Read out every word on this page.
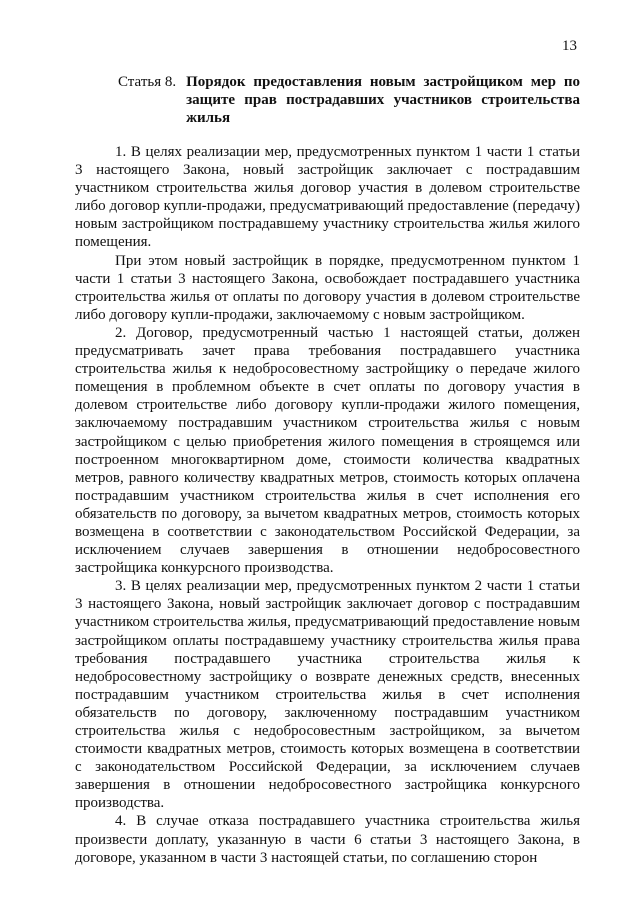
13
Статья 8. Порядок предоставления новым застройщиком мер по защите прав пострадавших участников строительства жилья

1. В целях реализации мер, предусмотренных пунктом 1 части 1 статьи 3 настоящего Закона, новый застройщик заключает с пострадавшим участником строительства жилья договор участия в долевом строительстве либо договор купли-продажи, предусматривающий предоставление (передачу) новым застройщиком пострадавшему участнику строительства жилья жилого помещения.

При этом новый застройщик в порядке, предусмотренном пунктом 1 части 1 статьи 3 настоящего Закона, освобождает пострадавшего участника строительства жилья от оплаты по договору участия в долевом строительстве либо договору купли-продажи, заключаемому с новым застройщиком.

2. Договор, предусмотренный частью 1 настоящей статьи, должен предусматривать зачет права требования пострадавшего участника строительства жилья к недобросовестному застройщику о передаче жилого помещения в проблемном объекте в счет оплаты по договору участия в долевом строительстве либо договору купли-продажи жилого помещения, заключаемому пострадавшим участником строительства жилья с новым застройщиком с целью приобретения жилого помещения в строящемся или построенном многоквартирном доме, стоимости количества квадратных метров, равного количеству квадратных метров, стоимость которых оплачена пострадавшим участником строительства жилья в счет исполнения его обязательств по договору, за вычетом квадратных метров, стоимость которых возмещена в соответствии с законодательством Российской Федерации, за исключением случаев завершения в отношении недобросовестного застройщика конкурсного производства.

3. В целях реализации мер, предусмотренных пунктом 2 части 1 статьи 3 настоящего Закона, новый застройщик заключает договор с пострадавшим участником строительства жилья, предусматривающий предоставление новым застройщиком оплаты пострадавшему участнику строительства жилья права требования пострадавшего участника строительства жилья к недобросовестному застройщику о возврате денежных средств, внесенных пострадавшим участником строительства жилья в счет исполнения обязательств по договору, заключенному пострадавшим участником строительства жилья с недобросовестным застройщиком, за вычетом стоимости квадратных метров, стоимость которых возмещена в соответствии с законодательством Российской Федерации, за исключением случаев завершения в отношении недобросовестного застройщика конкурсного производства.

4. В случае отказа пострадавшего участника строительства жилья произвести доплату, указанную в части 6 статьи 3 настоящего Закона, в договоре, указанном в части 3 настоящей статьи, по соглашению сторон
